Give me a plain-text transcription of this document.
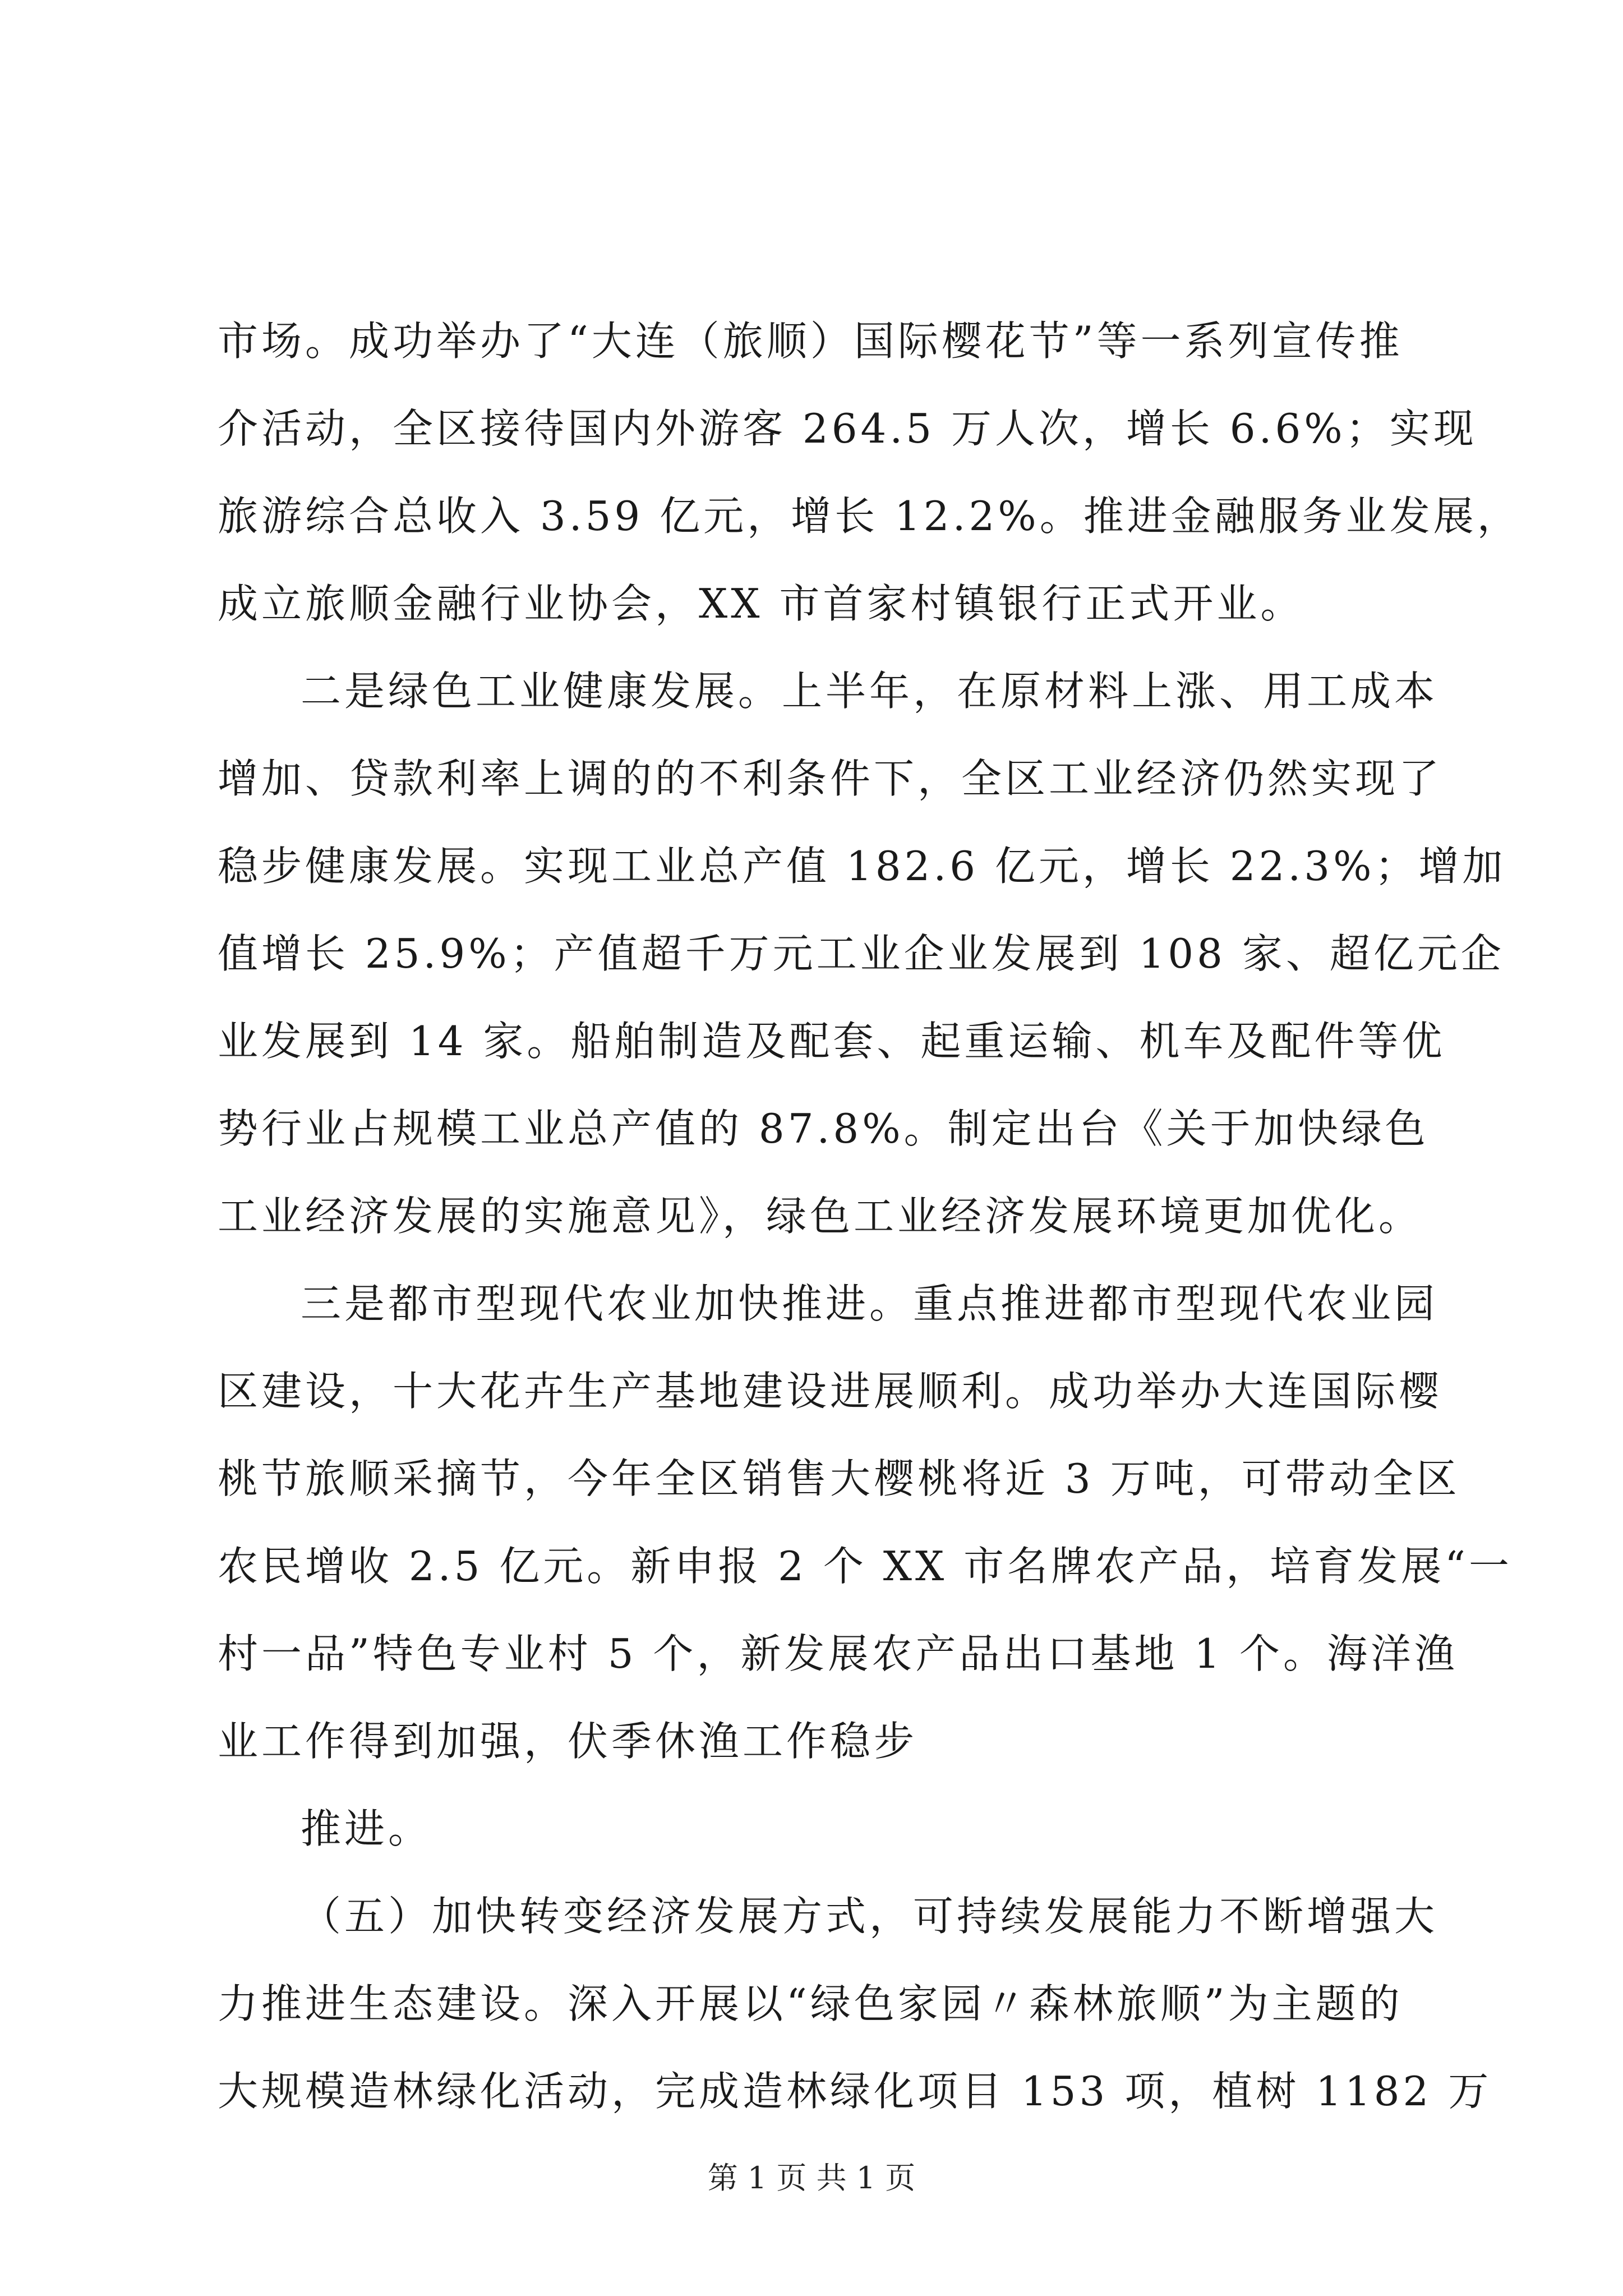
市场。成功举办了“大连（旅顺）国际樱花节”等一系列宣传推
介活动，全区接待国内外游客 264.5 万人次，增长 6.6%；实现
旅游综合总收入 3.59 亿元，增长 12.2%。推进金融服务业发展，
成立旅顺金融行业协会，XX 市首家村镇银行正式开业。
二是绿色工业健康发展。上半年，在原材料上涨、用工成本
增加、贷款利率上调的的不利条件下，全区工业经济仍然实现了
稳步健康发展。实现工业总产值 182.6 亿元，增长 22.3%；增加
值增长 25.9%；产值超千万元工业企业发展到 108 家、超亿元企
业发展到 14 家。船舶制造及配套、起重运输、机车及配件等优
势行业占规模工业总产值的 87.8%。制定出台《关于加快绿色
工业经济发展的实施意见》，绿色工业经济发展环境更加优化。
三是都市型现代农业加快推进。重点推进都市型现代农业园
区建设，十大花卉生产基地建设进展顺利。成功举办大连国际樱
桃节旅顺采摘节，今年全区销售大樱桃将近 3 万吨，可带动全区
农民增收 2.5 亿元。新申报 2 个 XX 市名牌农产品，培育发展“一
村一品”特色专业村 5 个，新发展农产品出口基地 1 个。海洋渔
业工作得到加强，伏季休渔工作稳步
推进。
（五）加快转变经济发展方式，可持续发展能力不断增强大
力推进生态建设。深入开展以“绿色家园〃森林旅顺”为主题的
大规模造林绿化活动，完成造林绿化项目 153 项，植树 1182 万
第 1 页 共 1 页
